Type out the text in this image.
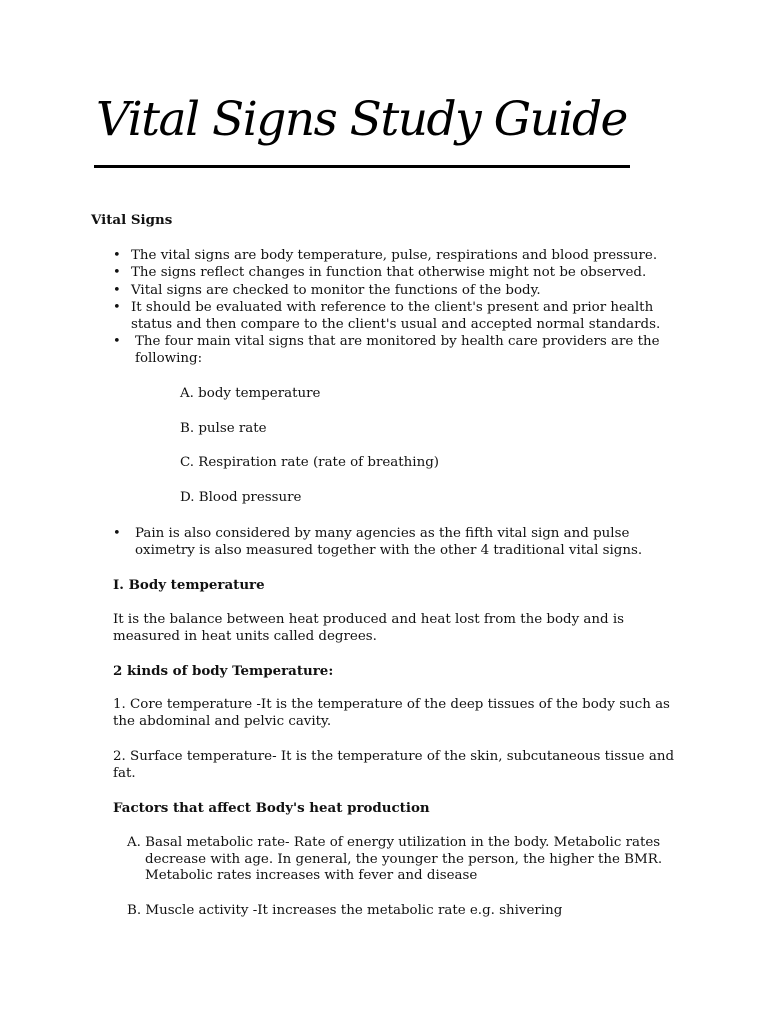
Vital Signs Study Guide
Vital Signs
• The vital signs are body temperature, pulse, respirations and blood pressure.
• The signs reflect changes in function that otherwise might not be observed.
• Vital signs are checked to monitor the functions of the body.
• It should be evaluated with reference to the client's present and prior health
status and then compare to the client's usual and accepted normal standards.
• The four main vital signs that are monitored by health care providers are the
following:
A. body temperature
B. pulse rate
C. Respiration rate (rate of breathing)
D. Blood pressure
• Pain is also considered by many agencies as the fifth vital sign and pulse
oximetry is also measured together with the other 4 traditional vital signs.
I. Body temperature
It is the balance between heat produced and heat lost from the body and is
measured in heat units called degrees.
2 kinds of body Temperature:
1. Core temperature -It is the temperature of the deep tissues of the body such as
the abdominal and pelvic cavity.
2. Surface temperature- It is the temperature of the skin, subcutaneous tissue and
fat.
Factors that affect Body's heat production
A. Basal metabolic rate- Rate of energy utilization in the body. Metabolic rates
decrease with age. In general, the younger the person, the higher the BMR.
Metabolic rates increases with fever and disease
B. Muscle activity -It increases the metabolic rate e.g. shivering
